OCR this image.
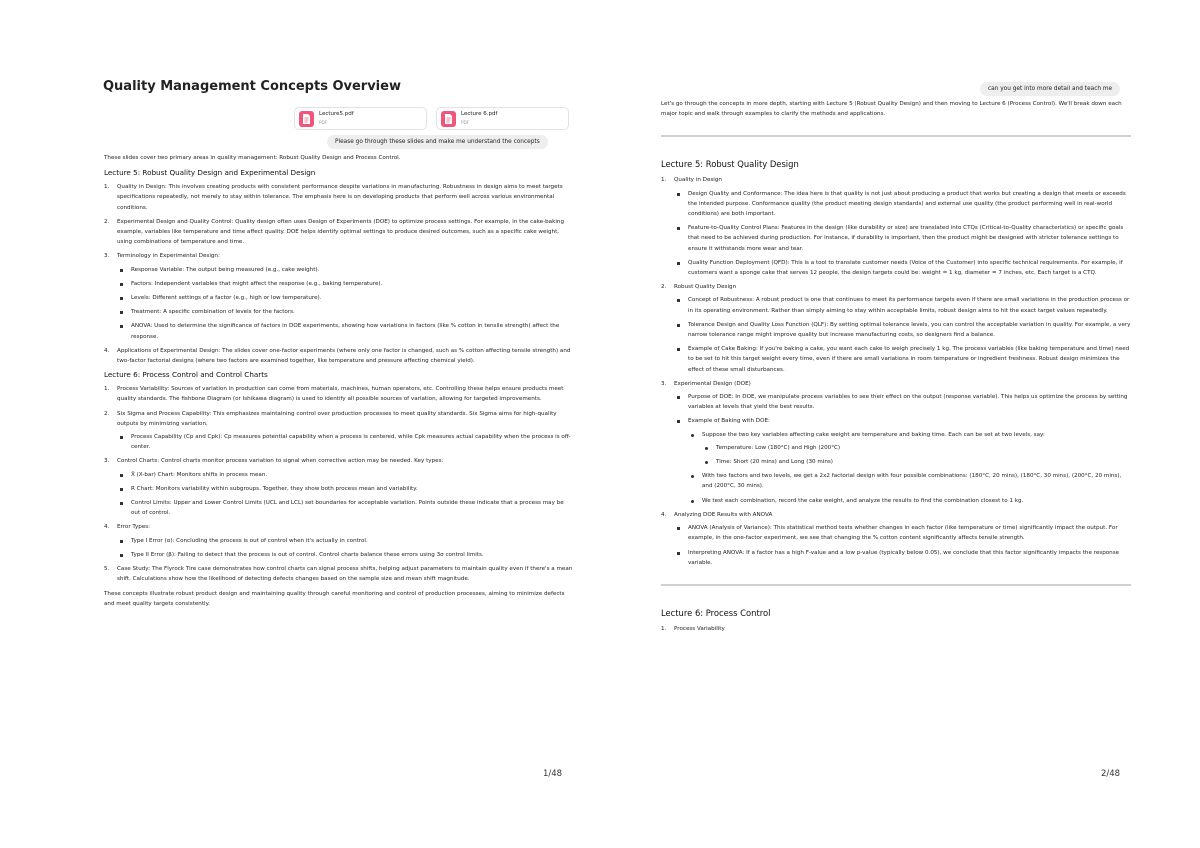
Quality Management Concepts Overview
Lecture5.pdf
PDF
Lecture 6.pdf
PDF
Please go through these slides and make me understand the concepts

These slides cover two primary areas in quality management: Robust Quality Design and Process Control.

Lecture 5: Robust Quality Design and Experimental Design
1. Quality in Design: This involves creating products with consistent performance despite variations in manufacturing. Robustness in design aims to meet targets specifications repeatedly, not merely to stay within tolerance. The emphasis here is on developing products that perform well across various environmental conditions.
2. Experimental Design and Quality Control: Quality design often uses Design of Experiments (DOE) to optimize process settings. For example, in the cake-baking example, variables like temperature and time affect quality. DOE helps identify optimal settings to produce desired outcomes, such as a specific cake weight, using combinations of temperature and time.
3. Terminology in Experimental Design:
Response Variable: The output being measured (e.g., cake weight).
Factors: Independent variables that might affect the response (e.g., baking temperature).
Levels: Different settings of a factor (e.g., high or low temperature).
Treatment: A specific combination of levels for the factors.
ANOVA: Used to determine the significance of factors in DOE experiments, showing how variations in factors (like % cotton in tensile strength) affect the response.
4. Applications of Experimental Design: The slides cover one-factor experiments (where only one factor is changed, such as % cotton affecting tensile strength) and two-factor factorial designs (where two factors are examined together, like temperature and pressure affecting chemical yield).
Lecture 6: Process Control and Control Charts
1. Process Variability: Sources of variation in production can come from materials, machines, human operators, etc. Controlling these helps ensure products meet quality standards. The fishbone Diagram (or Ishikawa diagram) is used to identify all possible sources of variation, allowing for targeted improvements.
2. Six Sigma and Process Capability: This emphasizes maintaining control over production processes to meet quality standards. Six Sigma aims for high-quality outputs by minimizing variation.
Process Capability (Cp and Cpk): Cp measures potential capability when a process is centered, while Cpk measures actual capability when the process is off-center.
3. Control Charts: Control charts monitor process variation to signal when corrective action may be needed. Key types:
X̄ (X-bar) Chart: Monitors shifts in process mean.
R Chart: Monitors variability within subgroups. Together, they show both process mean and variability.
Control Limits: Upper and Lower Control Limits (UCL and LCL) set boundaries for acceptable variation. Points outside these indicate that a process may be out of control.
4. Error Types:
Type I Error (α): Concluding the process is out of control when it's actually in control.
Type II Error (β): Failing to detect that the process is out of control. Control charts balance these errors using 3σ control limits.
5. Case Study: The Flyrock Tire case demonstrates how control charts can signal process shifts, helping adjust parameters to maintain quality even if there's a mean shift. Calculations show how the likelihood of detecting defects changes based on the sample size and mean shift magnitude.

These concepts illustrate robust product design and maintaining quality through careful monitoring and control of production processes, aiming to minimize defects and meet quality targets consistently.

1/48

Let's go through the concepts in more depth, starting with Lecture 5 (Robust Quality Design) and then moving to Lecture 6 (Process Control). We'll break down each major topic and walk through examples to clarify the methods and applications.

Lecture 5: Robust Quality Design
1. Quality in Design
Design Quality and Conformance: The idea here is that quality is not just about producing a product that works but creating a design that meets or exceeds the intended purpose. Conformance quality (the product meeting design standards) and external use quality (the product performing well in real-world conditions) are both important.
Feature-to-Quality Control Plans: Features in the design (like durability or size) are translated into CTQs (Critical-to-Quality characteristics) or specific goals that need to be achieved during production. For instance, if durability is important, then the product might be designed with stricter tolerance settings to ensure it withstands more wear and tear.
Quality Function Deployment (QFD): This is a tool to translate customer needs (Voice of the Customer) into specific technical requirements. For example, if customers want a sponge cake that serves 12 people, the design targets could be: weight = 1 kg, diameter = 7 inches, etc. Each target is a CTQ.
2. Robust Quality Design
Concept of Robustness: A robust product is one that continues to meet its performance targets even if there are small variations in the production process or in its operating environment. Rather than simply aiming to stay within acceptable limits, robust design aims to hit the exact target values repeatedly.
Tolerance Design and Quality Loss Function (QLF): By setting optimal tolerance levels, you can control the acceptable variation in quality. For example, a very narrow tolerance range might improve quality but increase manufacturing costs, so designers find a balance.
Example of Cake Baking: If you're baking a cake, you want each cake to weigh precisely 1 kg. The process variables (like baking temperature and time) need to be set to hit this target weight every time, even if there are small variations in room temperature or ingredient freshness. Robust design minimizes the effect of these small disturbances.
3. Experimental Design (DOE)
Purpose of DOE: In DOE, we manipulate process variables to see their effect on the output (response variable). This helps us optimize the process by setting variables at levels that yield the best results.
Example of Baking with DOE:
Suppose the two key variables affecting cake weight are temperature and baking time. Each can be set at two levels, say:
Temperature: Low (180°C) and High (200°C)
Time: Short (20 mins) and Long (30 mins)
With two factors and two levels, we get a 2x2 factorial design with four possible combinations: (180°C, 20 mins), (180°C, 30 mins), (200°C, 20 mins), and (200°C, 30 mins).
We test each combination, record the cake weight, and analyze the results to find the combination closest to 1 kg.
4. Analyzing DOE Results with ANOVA
ANOVA (Analysis of Variance): This statistical method tests whether changes in each factor (like temperature or time) significantly impact the output. For example, in the one-factor experiment, we see that changing the % cotton content significantly affects tensile strength.
Interpreting ANOVA: If a factor has a high F-value and a low p-value (typically below 0.05), we conclude that this factor significantly impacts the response variable.
Lecture 6: Process Control
1. Process Variability
can you get into more detail and teach me
2/48
